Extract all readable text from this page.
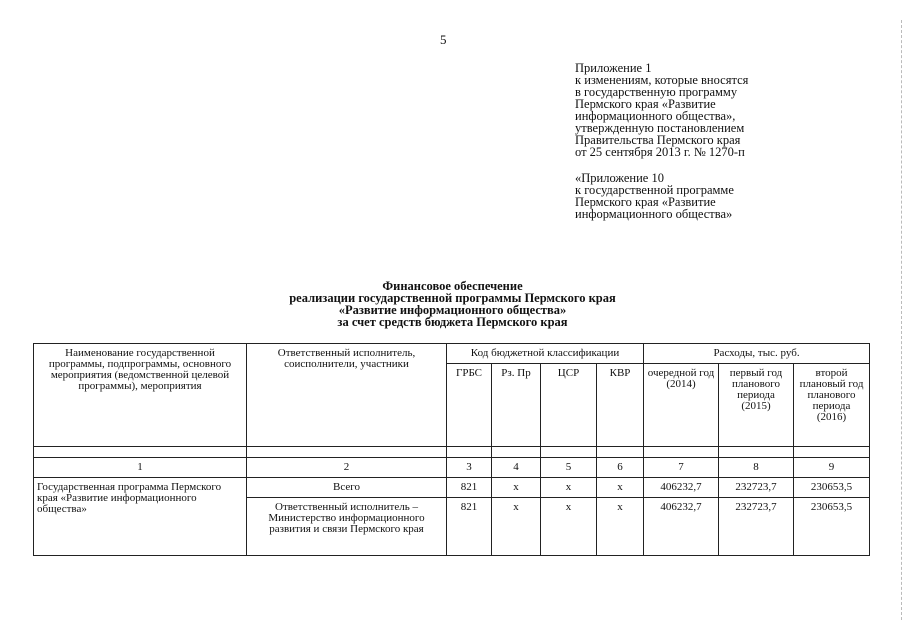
5
Приложение 1
к изменениям, которые вносятся
в государственную программу
Пермского края «Развитие
информационного общества»,
утвержденную постановлением
Правительства Пермского края
от 25 сентября 2013 г. № 1270-п
«Приложение 10
к государственной программе
Пермского края «Развитие
информационного общества»
Финансовое обеспечение
реализации государственной программы Пермского края
«Развитие информационного общества»
за счет средств бюджета Пермского края
Наименование государственной программы, подпрограммы, основного мероприятия (ведомственной целевой программы), мероприятия	Ответственный исполнитель, соисполнители, участники	Код бюджетной классификации				Расходы, тыс. руб.		
		ГРБС	Рз. Пр	ЦСР	КВР	очередной год (2014)	первый год планового периода (2015)	второй плановый год планового периода (2016)

1	2	3	4	5	6	7	8	9
Государственная программа Пермского края «Развитие информационного общества»	Всего	821	х	х	х	406232,7	232723,7	230653,5
	Ответственный исполнитель – Министерство информационного развития и связи Пермского края	821	х	х	х	406232,7	232723,7	230653,5
